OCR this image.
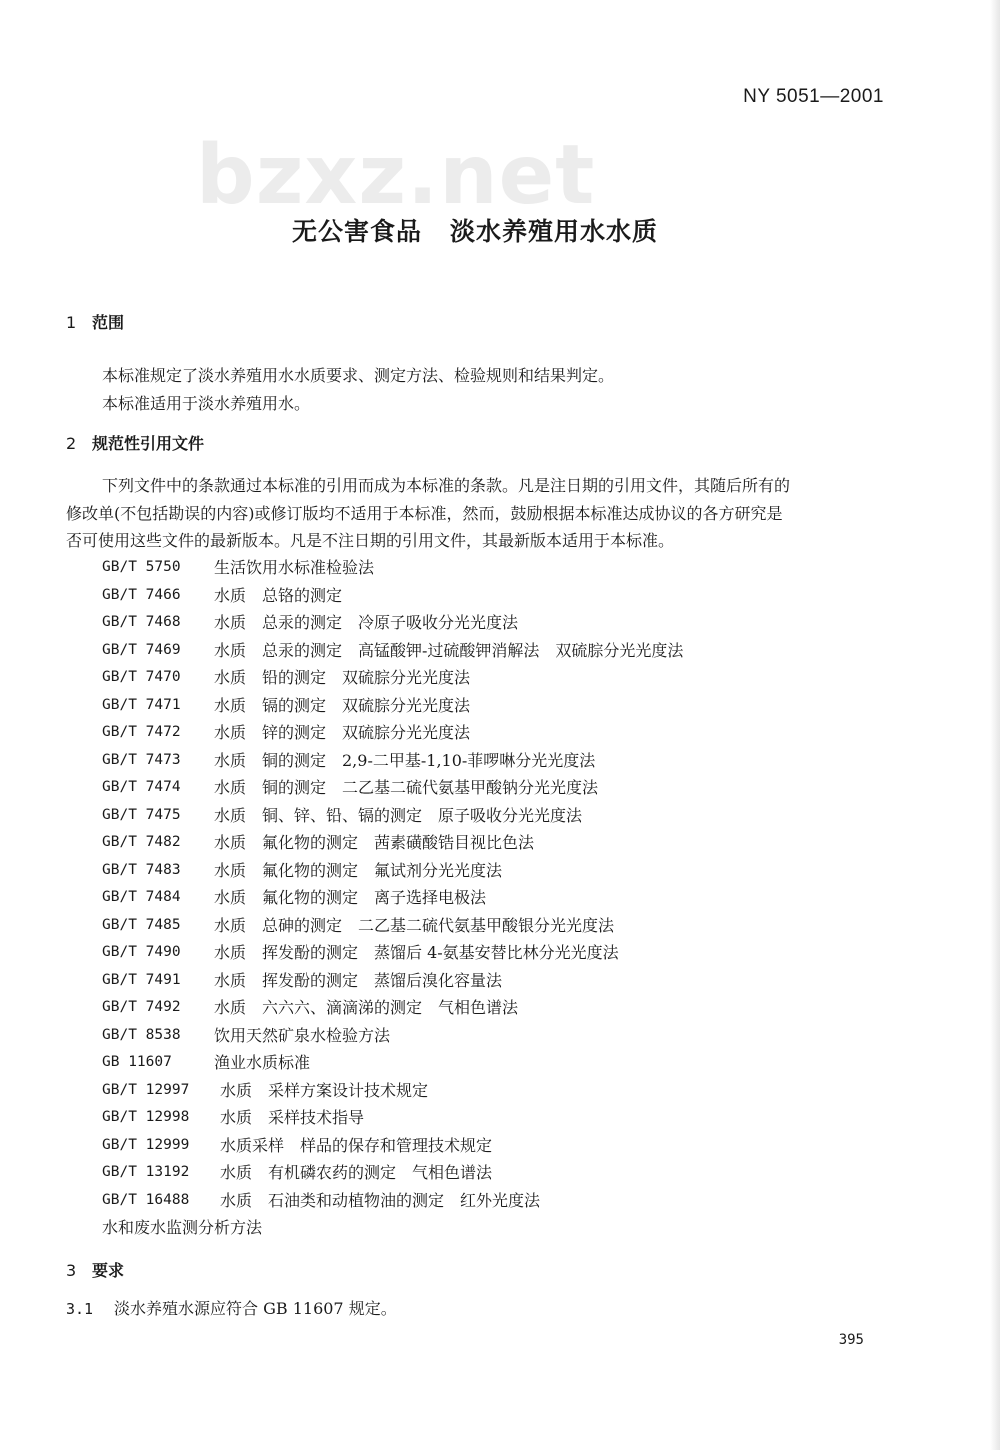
NY 5051—2001
bzxz.net
无公害食品 淡水养殖用水水质
1 范围
本标准规定了淡水养殖用水水质要求、测定方法、检验规则和结果判定。
本标准适用于淡水养殖用水。
2 规范性引用文件
下列文件中的条款通过本标准的引用而成为本标准的条款。凡是注日期的引用文件，其随后所有的
修改单(不包括勘误的内容)或修订版均不适用于本标准，然而，鼓励根据本标准达成协议的各方研究是
否可使用这些文件的最新版本。凡是不注日期的引用文件，其最新版本适用于本标准。
GB/T 5750	生活饮用水标准检验法
GB/T 7466	水质　总铬的测定
GB/T 7468	水质　总汞的测定　冷原子吸收分光光度法
GB/T 7469	水质　总汞的测定　高锰酸钾-过硫酸钾消解法　双硫腙分光光度法
GB/T 7470	水质　铅的测定　双硫腙分光光度法
GB/T 7471	水质　镉的测定　双硫腙分光光度法
GB/T 7472	水质　锌的测定　双硫腙分光光度法
GB/T 7473	水质　铜的测定　2,9-二甲基-1,10-菲啰啉分光光度法
GB/T 7474	水质　铜的测定　二乙基二硫代氨基甲酸钠分光光度法
GB/T 7475	水质　铜、锌、铅、镉的测定　原子吸收分光光度法
GB/T 7482	水质　氟化物的测定　茜素磺酸锆目视比色法
GB/T 7483	水质　氟化物的测定　氟试剂分光光度法
GB/T 7484	水质　氟化物的测定　离子选择电极法
GB/T 7485	水质　总砷的测定　二乙基二硫代氨基甲酸银分光光度法
GB/T 7490	水质　挥发酚的测定　蒸馏后 4-氨基安替比林分光光度法
GB/T 7491	水质　挥发酚的测定　蒸馏后溴化容量法
GB/T 7492	水质　六六六、滴滴涕的测定　气相色谱法
GB/T 8538	饮用天然矿泉水检验方法
GB 11607	渔业水质标准
GB/T 12997	水质　采样方案设计技术规定
GB/T 12998	水质　采样技术指导
GB/T 12999	水质采样　样品的保存和管理技术规定
GB/T 13192	水质　有机磷农药的测定　气相色谱法
GB/T 16488	水质　石油类和动植物油的测定　红外光度法
水和废水监测分析方法
3 要求
3.1 淡水养殖水源应符合 GB 11607 规定。
395
